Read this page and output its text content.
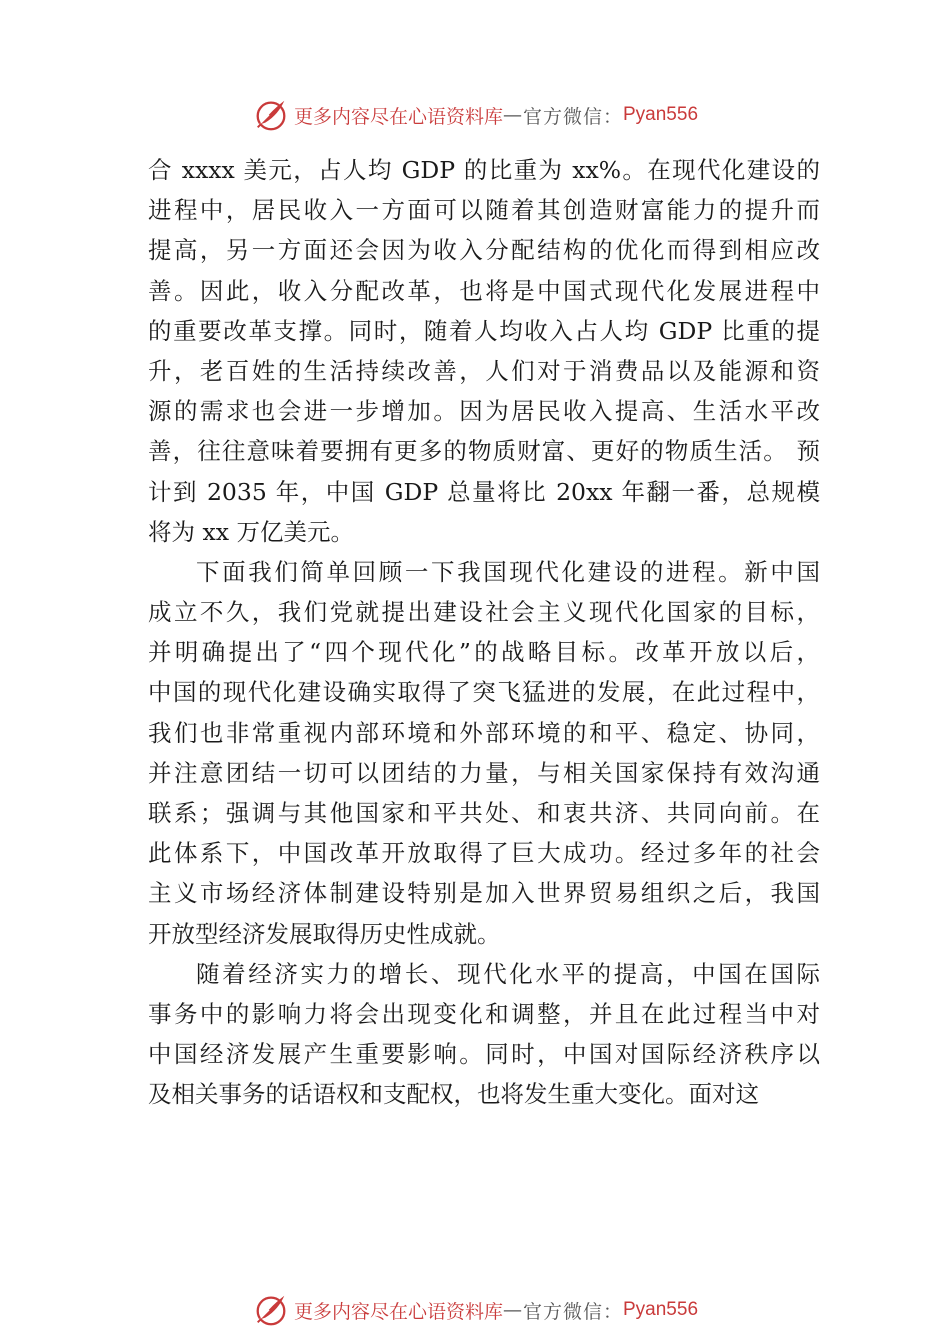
更多内容尽在心语资料库 — 官方微信： Pyan556
合 xxxx 美元，占人均 GDP 的比重为 xx%。在现代化建设的
进程中，居民收入一方面可以随着其创造财富能力的提升而
提高，另一方面还会因为收入分配结构的优化而得到相应改
善。因此，收入分配改革，也将是中国式现代化发展进程中
的重要改革支撑。同时，随着人均收入占人均 GDP 比重的提
升，老百姓的生活持续改善，人们对于消费品以及能源和资
源的需求也会进一步增加。因为居民收入提高、生活水平改
善，往往意味着要拥有更多的物质财富、更好的物质生活。 预
计到 2035 年，中国 GDP 总量将比 20xx 年翻一番，总规模
将为 xx 万亿美元。
下面我们简单回顾一下我国现代化建设的进程。新中国
成立不久，我们党就提出建设社会主义现代化国家的目标，
并明确提出了“四个现代化”的战略目标。改革开放以后，
中国的现代化建设确实取得了突飞猛进的发展，在此过程中，
我们也非常重视内部环境和外部环境的和平、稳定、协同，
并注意团结一切可以团结的力量，与相关国家保持有效沟通
联系；强调与其他国家和平共处、和衷共济、共同向前。在
此体系下，中国改革开放取得了巨大成功。经过多年的社会
主义市场经济体制建设特别是加入世界贸易组织之后，我国
开放型经济发展取得历史性成就。
随着经济实力的增长、现代化水平的提高，中国在国际
事务中的影响力将会出现变化和调整，并且在此过程当中对
中国经济发展产生重要影响。同时，中国对国际经济秩序以
及相关事务的话语权和支配权，也将发生重大变化。面对这
更多内容尽在心语资料库 — 官方微信： Pyan556
